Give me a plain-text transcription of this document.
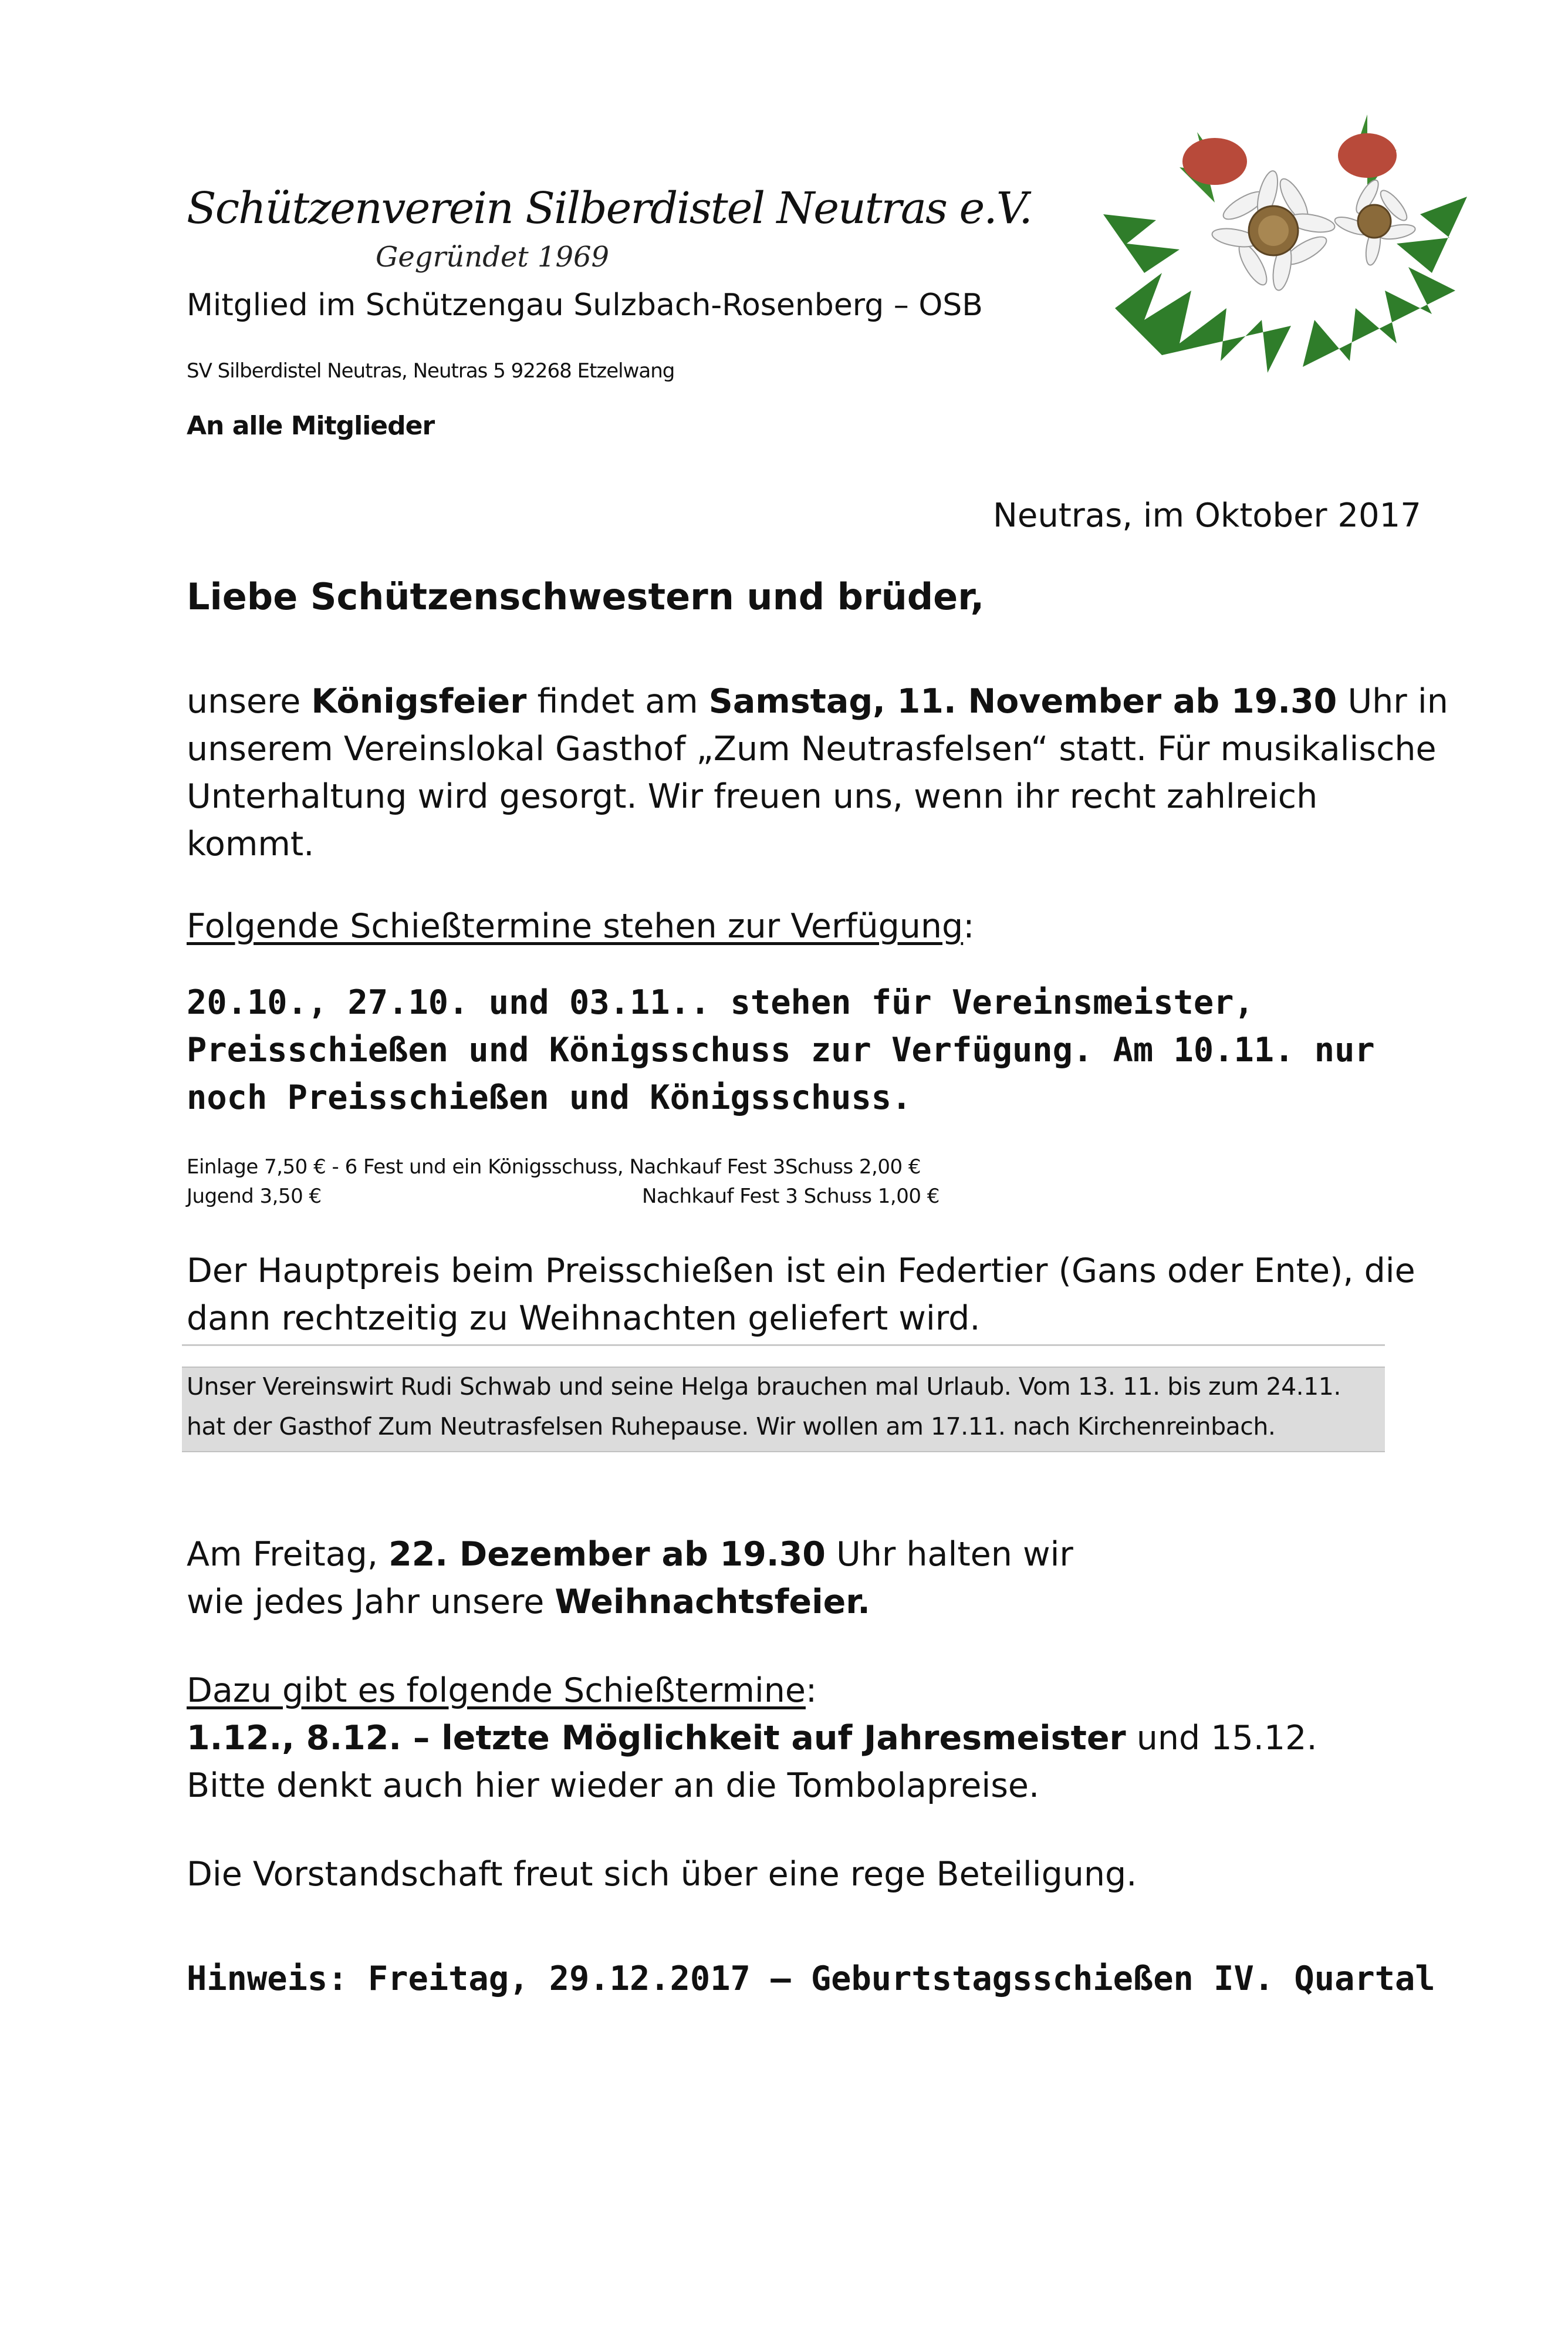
Schützenverein Silberdistel Neutras e.V.
Gegründet 1969
Mitglied im Schützengau Sulzbach-Rosenberg – OSB
SV Silberdistel Neutras, Neutras 5 92268 Etzelwang
An alle Mitglieder
Neutras, im Oktober 2017
Liebe Schützenschwestern und brüder,
unsere Königsfeier findet am Samstag, 11. November ab 19.30 Uhr in unserem Vereinslokal Gasthof „Zum Neutrasfelsen“ statt. Für musikalische Unterhaltung wird gesorgt. Wir freuen uns, wenn ihr recht zahlreich kommt.
Folgende Schießtermine stehen zur Verfügung:
20.10., 27.10. und 03.11.. stehen für Vereinsmeister, Preisschießen und Königsschuss zur Verfügung. Am 10.11. nur noch Preisschießen und Königsschuss.
Einlage 7,50 € - 6 Fest und ein Königsschuss, Nachkauf Fest 3Schuss 2,00 €
Jugend 3,50 €	Nachkauf Fest 3 Schuss 1,00 €
Der Hauptpreis beim Preisschießen ist ein Federtier (Gans oder Ente), die dann rechtzeitig zu Weihnachten geliefert wird.
Unser Vereinswirt Rudi Schwab und seine Helga brauchen mal Urlaub. Vom 13. 11. bis zum 24.11.
hat der Gasthof Zum Neutrasfelsen Ruhepause. Wir wollen am 17.11. nach Kirchenreinbach.
Am Freitag, 22. Dezember ab 19.30 Uhr halten wir
wie jedes Jahr unsere Weihnachtsfeier.
Dazu gibt es folgende Schießtermine:
1.12., 8.12. – letzte Möglichkeit auf Jahresmeister und 15.12.
Bitte denkt auch hier wieder an die Tombolapreise.
Die Vorstandschaft freut sich über eine rege Beteiligung.
Hinweis: Freitag, 29.12.2017 – Geburtstagsschießen IV. Quartal
